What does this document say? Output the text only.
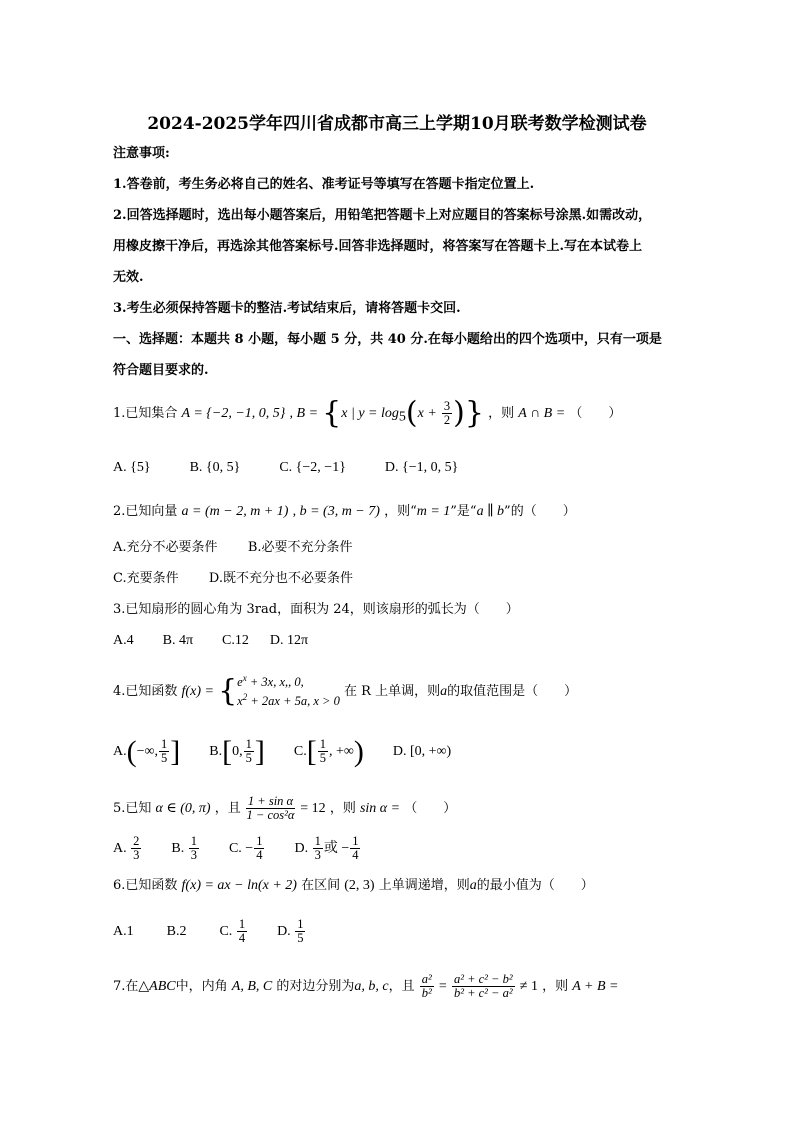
2024-2025学年四川省成都市高三上学期10月联考数学检测试卷
注意事项:
1.答卷前，考生务必将自己的姓名、准考证号等填写在答题卡指定位置上.
2.回答选择题时，选出每小题答案后，用铅笔把答题卡上对应题目的答案标号涂黑.如需改动，
用橡皮擦干净后，再选涂其他答案标号.回答非选择题时，将答案写在答题卡上.写在本试卷上
无效.
3.考生必须保持答题卡的整洁.考试结束后，请将答题卡交回.
一、选择题：本题共 8 小题，每小题 5 分，共 40 分.在每小题给出的四个选项中，只有一项是
符合题目要求的.
1.已知集合 A = {−2, −1, 0, 5} , B = {x | $y = \log_5(x + \frac{3}{2}$ )} ，则 A ∩ B = （　　）
A. {5}	B. {0, 5}	C. {−2, −1}	D. {−1, 0, 5}
2.已知向量 a = (m − 2, m + 1) , b = (3, m − 7) ，则“m = 1”是“a ∥ b”的（　　）
A.充分不必要条件 B.必要不充分条件
C.充要条件 D.既不充分也不必要条件
3.已知扇形的圆心角为 3rad，面积为 24，则该扇形的弧长为（　　）
A.4 B. 4π C.12 D. 12π
4.已知函数 f(x) = { $e^x + 3x$, x,, 0,
$x^2 + 2ax + 5a$, x > 0
在 R 上单调，则a的取值范围是（　　）
A.(−∞, $\frac{1}{5}$ ] B.[0, $\frac{1}{5}$ ] $C.[ \frac{1}{5}$ , +∞) D. [0, +∞)
5.已知 α ∈ (0, π) ，且 $\frac{\text{1 + sin α}}{\text{1 − cos²α}} = 12$ ，则 sin α = （　　）
A. $\frac{2}{3} B$. $\frac{1}{3} C$. − $\frac{1}{4} D$. $\frac{1}{3}$ 或 − $\frac{1}{4}$
6.已知函数 f(x) = ax − ln(x + 2) 在区间 (2, 3) 上单调递增，则a的最小值为（　　）
A.1 B.2 C. $\frac{1}{4} D$. $\frac{1}{5}$
7.在△ABC中，内角 A, B, C 的对边分别为a, b, c，且 $\frac{\text{a²}}{\text{b²}} = \frac{\text{a² + c² − b²}}{\text{b² + c² − a²}} \ne 1$ ，则 A + B =
